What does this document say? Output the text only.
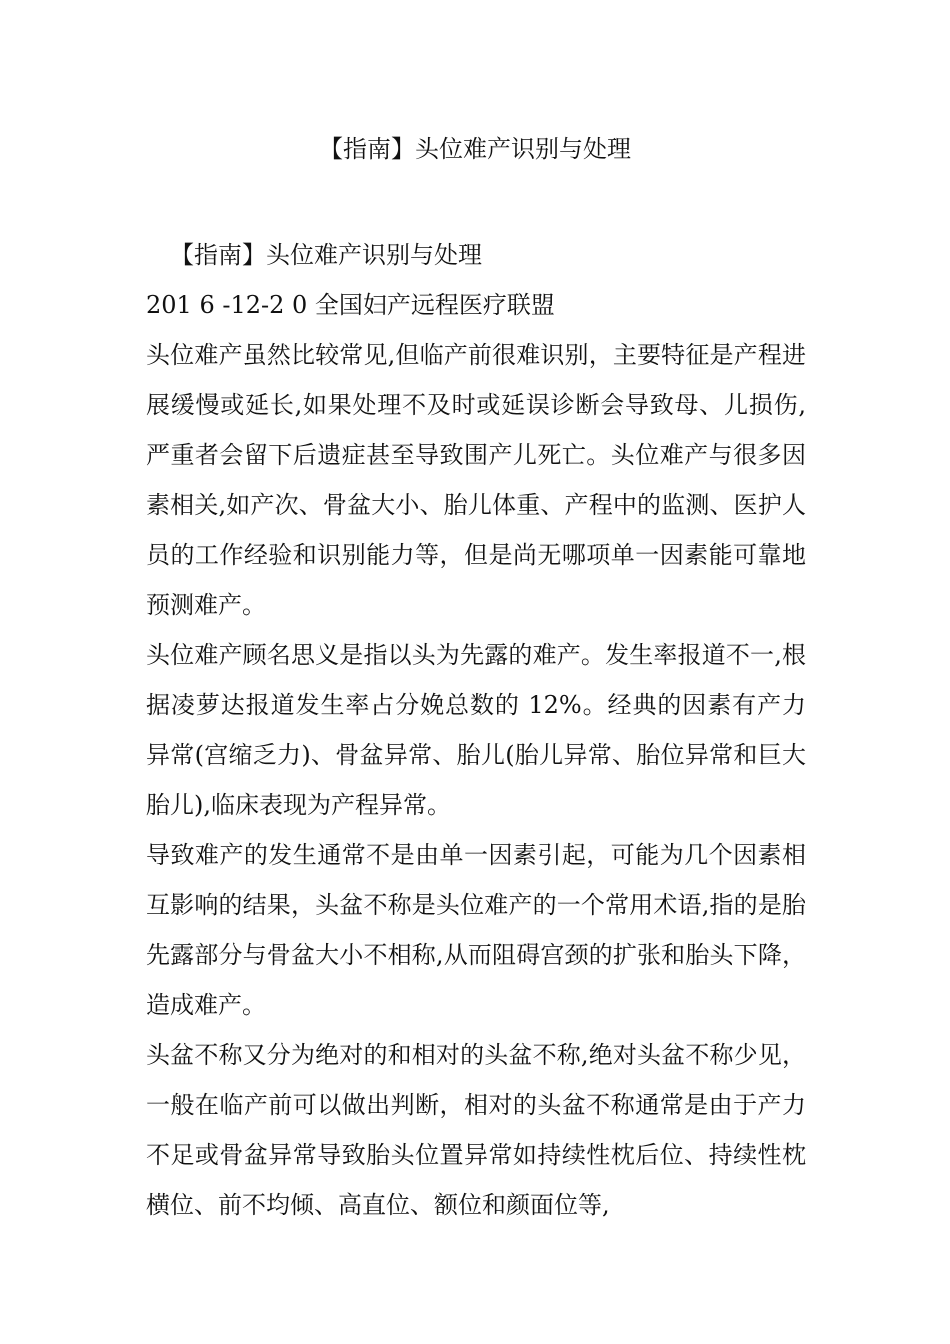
【指南】头位难产识别与处理

【指南】头位难产识别与处理

201 6 -12-2 0 全国妇产远程医疗联盟

头位难产虽然比较常见,但临产前很难识别，主要特征是产程进展缓慢或延长,如果处理不及时或延误诊断会导致母、儿损伤,严重者会留下后遗症甚至导致围产儿死亡。头位难产与很多因素相关,如产次、骨盆大小、胎儿体重、产程中的监测、医护人员的工作经验和识别能力等，但是尚无哪项单一因素能可靠地预测难产。

头位难产顾名思义是指以头为先露的难产。发生率报道不一,根据凌萝达报道发生率占分娩总数的 12%。经典的因素有产力异常(宫缩乏力)、骨盆异常、胎儿(胎儿异常、胎位异常和巨大胎儿),临床表现为产程异常。

导致难产的发生通常不是由单一因素引起，可能为几个因素相互影响的结果，头盆不称是头位难产的一个常用术语,指的是胎先露部分与骨盆大小不相称,从而阻碍宫颈的扩张和胎头下降，造成难产。

头盆不称又分为绝对的和相对的头盆不称,绝对头盆不称少见，一般在临产前可以做出判断，相对的头盆不称通常是由于产力不足或骨盆异常导致胎头位置异常如持续性枕后位、持续性枕横位、前不均倾、高直位、额位和颜面位等,
